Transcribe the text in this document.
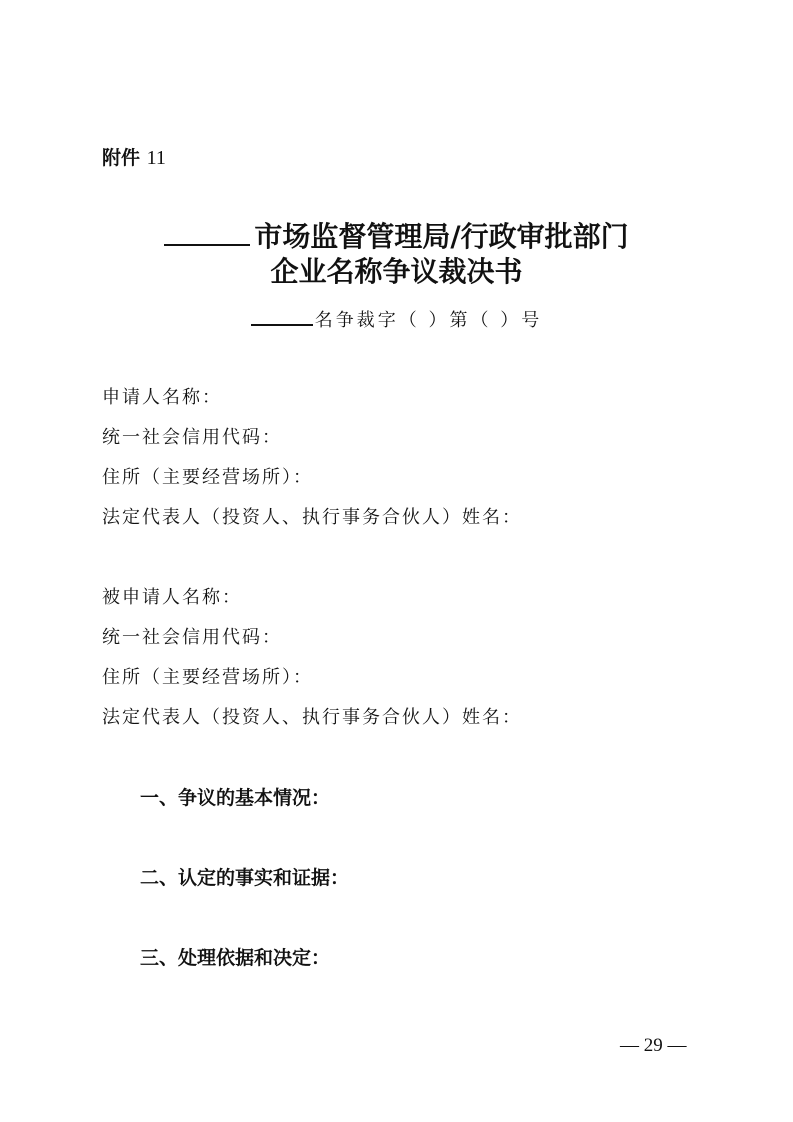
附件 11
市场监督管理局/行政审批部门
企业名称争议裁决书
名争裁字（ ）第（ ）号
申请人名称：
统一社会信用代码：
住所（主要经营场所）：
法定代表人（投资人、执行事务合伙人）姓名：
被申请人名称：
统一社会信用代码：
住所（主要经营场所）：
法定代表人（投资人、执行事务合伙人）姓名：
一、争议的基本情况：
二、认定的事实和证据：
三、处理依据和决定：
— 29 —
